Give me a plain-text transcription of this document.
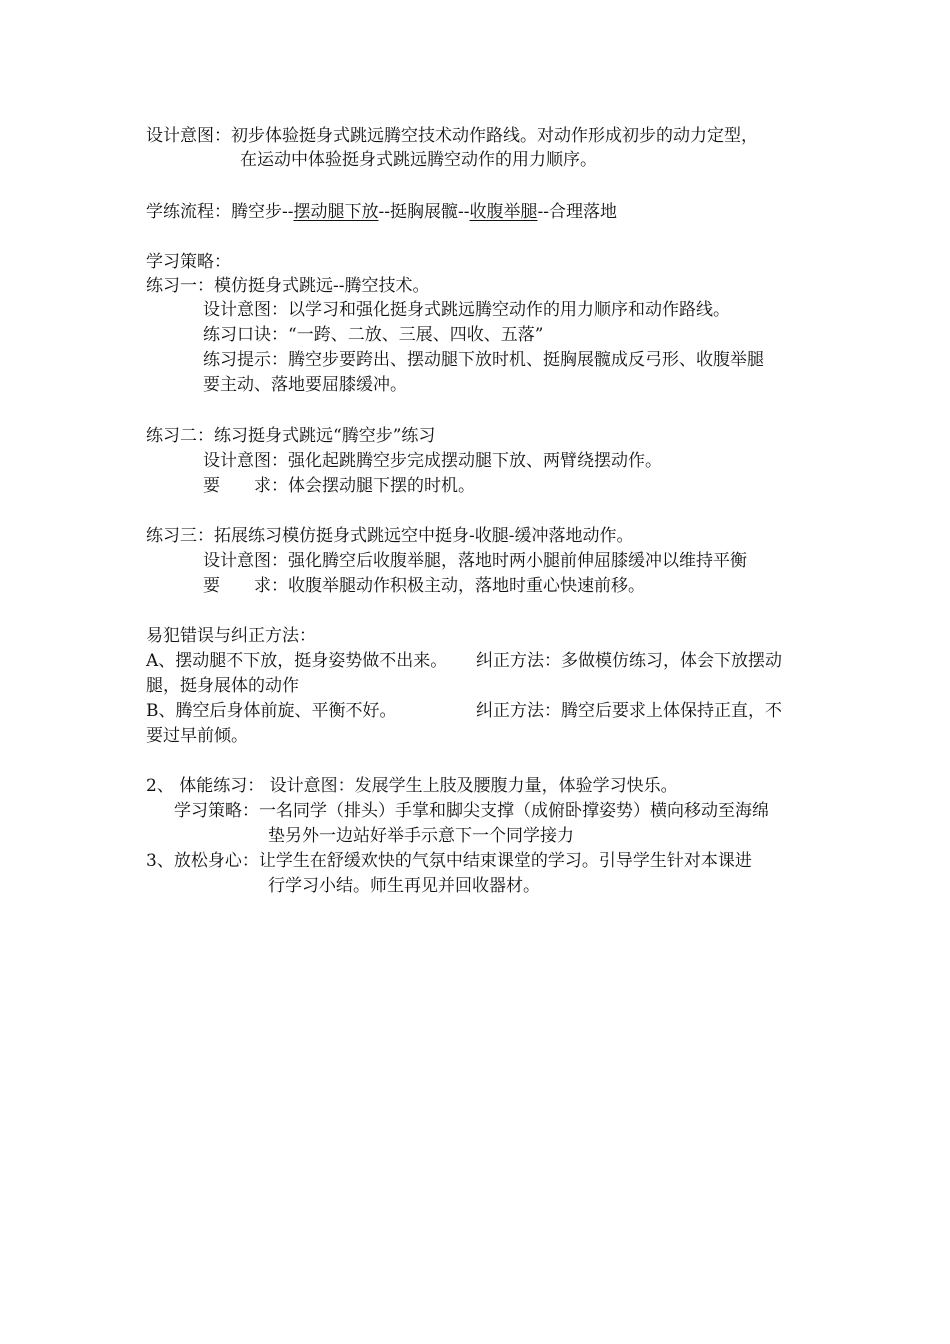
设计意图：初步体验挺身式跳远腾空技术动作路线。对动作形成初步的动力定型，
在运动中体验挺身式跳远腾空动作的用力顺序。
学练流程：腾空步--摆动腿下放--挺胸展髋--收腹举腿--合理落地
学习策略：
练习一：模仿挺身式跳远--腾空技术。
设计意图：以学习和强化挺身式跳远腾空动作的用力顺序和动作路线。
练习口诀：“一跨、二放、三展、四收、五落”
练习提示：腾空步要跨出、摆动腿下放时机、挺胸展髋成反弓形、收腹举腿
要主动、落地要屈膝缓冲。
练习二：练习挺身式跳远“腾空步”练习
设计意图：强化起跳腾空步完成摆动腿下放、两臂绕摆动作。
要　　求：体会摆动腿下摆的时机。
练习三：拓展练习模仿挺身式跳远空中挺身-收腿-缓冲落地动作。
设计意图：强化腾空后收腹举腿，落地时两小腿前伸屈膝缓冲以维持平衡
要　　求：收腹举腿动作积极主动，落地时重心快速前移。
易犯错误与纠正方法：
A、摆动腿不下放，挺身姿势做不出来。 纠正方法：多做模仿练习，体会下放摆动
腿，挺身展体的动作
B、腾空后身体前旋、平衡不好。	纠正方法：腾空后要求上体保持正直，不
要过早前倾。
2、 体能练习： 设计意图：发展学生上肢及腰腹力量，体验学习快乐。
学习策略：一名同学（排头）手掌和脚尖支撑（成俯卧撑姿势）横向移动至海绵
垫另外一边站好举手示意下一个同学接力
3、放松身心：让学生在舒缓欢快的气氛中结束课堂的学习。引导学生针对本课进
行学习小结。师生再见并回收器材。
